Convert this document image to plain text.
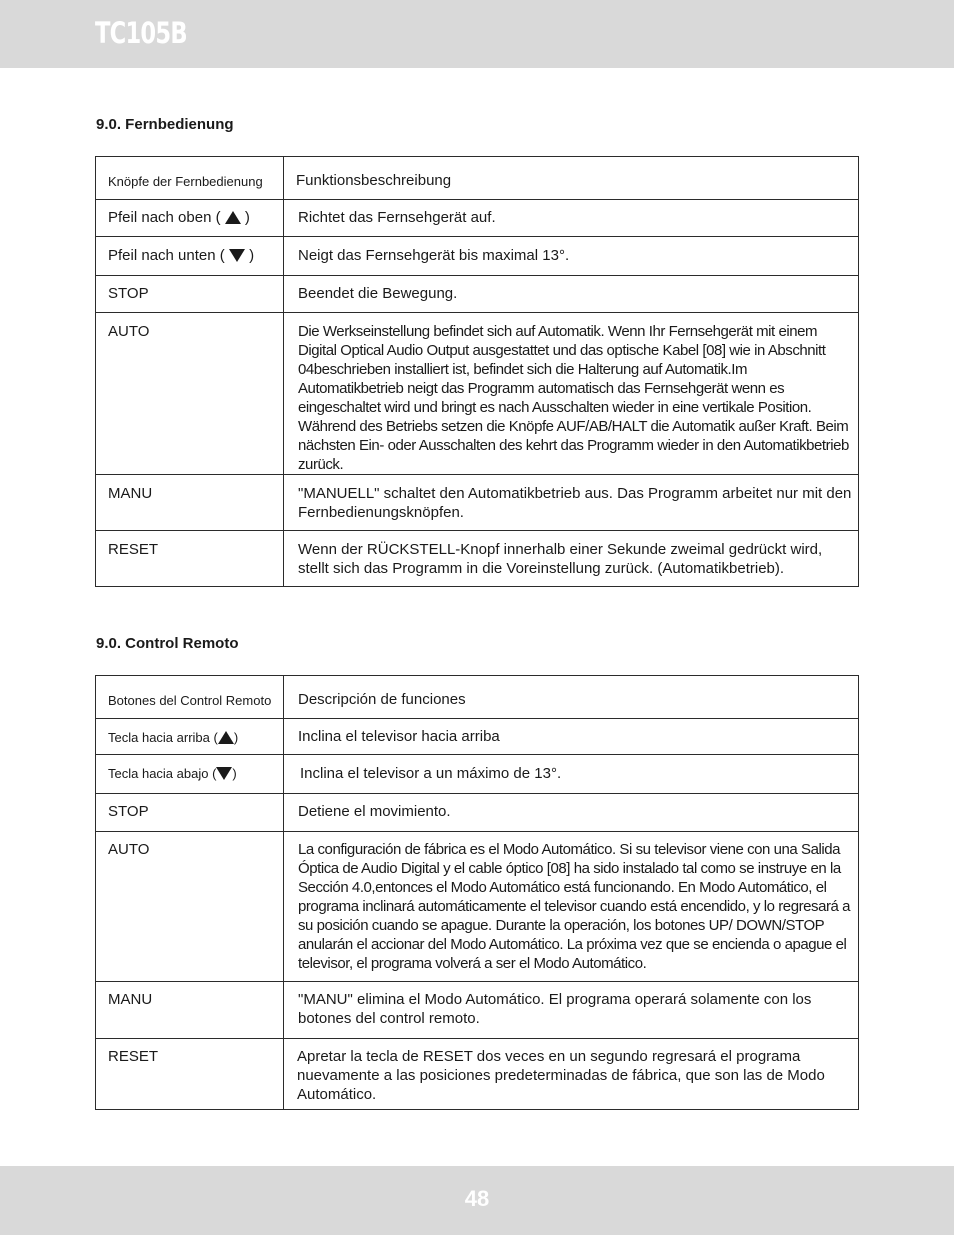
TC105B
9.0. Fernbedienung
Knöpfe der Fernbedienung	Funktionsbeschreibung
Pfeil nach oben ( )	Richtet das Fernsehgerät auf.
Pfeil nach unten ( )	Neigt das Fernsehgerät bis maximal 13°.
STOP	Beendet die Bewegung.
AUTO	Die Werkseinstellung befindet sich auf Automatik. Wenn Ihr Fernsehgerät mit einem Digital Optical Audio Output ausgestattet und das optische Kabel [08] wie in Abschnitt 04beschrieben installiert ist, befindet sich die Halterung auf Automatik.Im Automatikbetrieb neigt das Programm automatisch das Fernsehgerät wenn es eingeschaltet wird und bringt es nach Ausschalten wieder in eine vertikale Position. Während des Betriebs setzen die Knöpfe AUF/AB/HALT die Automatik außer Kraft. Beim nächsten Ein- oder Ausschalten des kehrt das Programm wieder in den Automatikbetrieb zurück.
MANU	"MANUELL" schaltet den Automatikbetrieb aus. Das Programm arbeitet nur mit den Fernbedienungsknöpfen.
RESET	Wenn der RÜCKSTELL-Knopf innerhalb einer Sekunde zweimal gedrückt wird, stellt sich das Programm in die Voreinstellung zurück. (Automatikbetrieb).
9.0. Control Remoto
Botones del Control Remoto	Descripción de funciones
Tecla hacia arriba ( )	Inclina el televisor hacia arriba
Tecla hacia abajo ( )	Inclina el televisor a un máximo de 13°.
STOP	Detiene el movimiento.
AUTO	La configuración de fábrica es el Modo Automático. Si su televisor viene con una Salida Óptica de Audio Digital y el cable óptico [08] ha sido instalado tal como se instruye en la Sección 4.0,entonces el Modo Automático está funcionando. En Modo Automático, el programa inclinará automáticamente el televisor cuando está encendido, y lo regresará a su posición cuando se apague. Durante la operación, los botones UP/ DOWN/STOP anularán el accionar del Modo Automático. La próxima vez que se encienda o apague el televisor, el programa volverá a ser el Modo Automático.
MANU	"MANU" elimina el Modo Automático. El programa operará solamente con los botones del control remoto.
RESET	Apretar la tecla de RESET dos veces en un segundo regresará el programa nuevamente a las posiciones predeterminadas de fábrica, que son las de Modo Automático.
48
